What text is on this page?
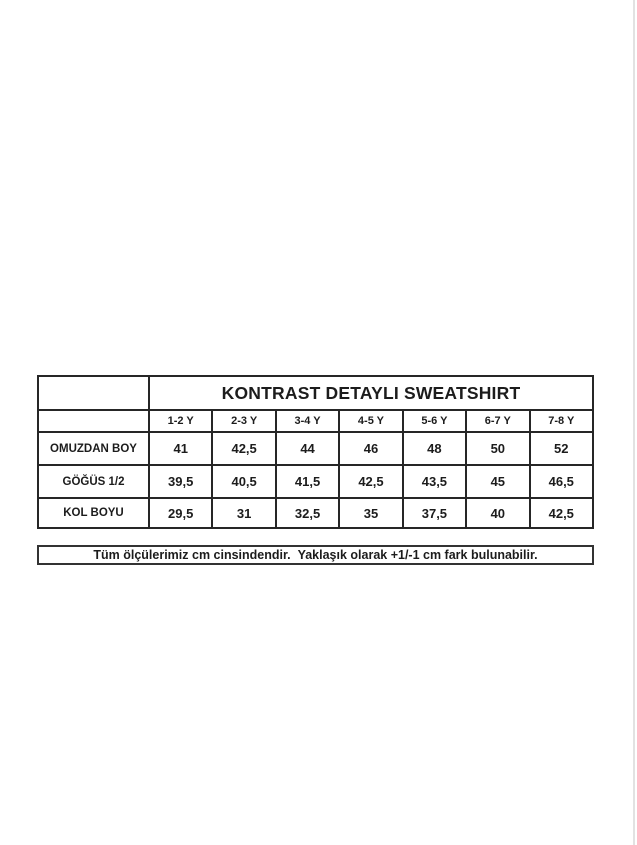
	KONTRAST DETAYLI SWEATSHIRT						
	1-2 Y	2-3 Y	3-4 Y	4-5 Y	5-6 Y	6-7 Y	7-8 Y
OMUZDAN BOY	41	42,5	44	46	48	50	52
GÖĞÜS 1/2	39,5	40,5	41,5	42,5	43,5	45	46,5
KOL BOYU	29,5	31	32,5	35	37,5	40	42,5
Tüm ölçülerimiz cm cinsindendir.  Yaklaşık olarak +1/-1 cm fark bulunabilir.
